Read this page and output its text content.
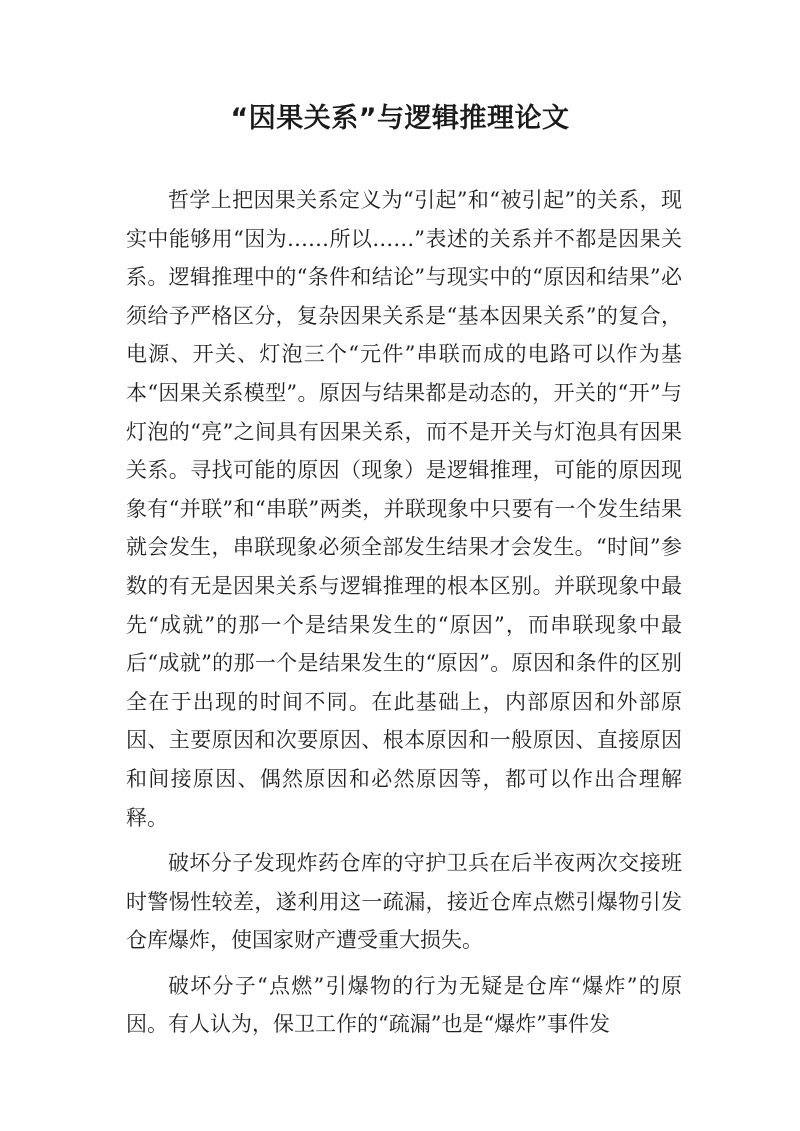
“因果关系”与逻辑推理论文

哲学上把因果关系定义为“引起”和“被引起”的关系，现实中能够用“因为……所以……”表述的关系并不都是因果关系。逻辑推理中的“条件和结论”与现实中的“原因和结果”必须给予严格区分，复杂因果关系是“基本因果关系”的复合，电源、开关、灯泡三个“元件”串联而成的电路可以作为基本“因果关系模型”。原因与结果都是动态的，开关的“开”与灯泡的“亮”之间具有因果关系，而不是开关与灯泡具有因果关系。寻找可能的原因（现象）是逻辑推理，可能的原因现象有“并联”和“串联”两类，并联现象中只要有一个发生结果就会发生，串联现象必须全部发生结果才会发生。“时间”参数的有无是因果关系与逻辑推理的根本区别。并联现象中最先“成就”的那一个是结果发生的“原因”，而串联现象中最后“成就”的那一个是结果发生的“原因”。原因和条件的区别全在于出现的时间不同。在此基础上，内部原因和外部原因、主要原因和次要原因、根本原因和一般原因、直接原因和间接原因、偶然原因和必然原因等，都可以作出合理解释。

破坏分子发现炸药仓库的守护卫兵在后半夜两次交接班时警惕性较差，遂利用这一疏漏，接近仓库点燃引爆物引发仓库爆炸，使国家财产遭受重大损失。

破坏分子“点燃”引爆物的行为无疑是仓库“爆炸”的原因。有人认为，保卫工作的“疏漏”也是“爆炸”事件发
